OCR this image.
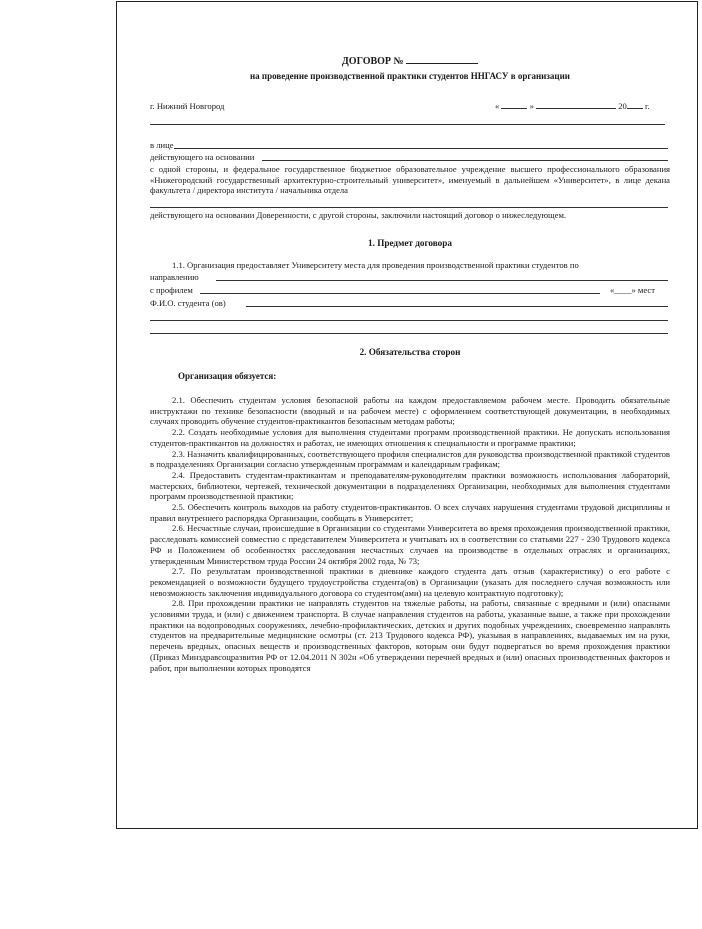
ДОГОВОР №
на проведение производственной практики студентов ННГАСУ в организации
г. Нижний Новгород	«	»	20 г.
в лице
действующего на основании
с одной стороны, и федеральное государственное бюджетное образовательное учреждение высшего профессионального образования «Нижегородский государственный архитектурно-строительный университет», именуемый в дальнейшем «Университет», в лице декана факультета / директора института / начальника отдела
действующего на основании Доверенности, с другой стороны, заключили настоящий договор о нижеследующем.
1. Предмет договора
1.1. Организация предоставляет Университету места для проведения производственной практики студентов по
направлению
с профилем	«____» мест
Ф.И.О. студента (ов)
2. Обязательства сторон
Организация обязуется:

2.1. Обеспечить студентам условия безопасной работы на каждом предоставляемом рабочем месте. Проводить обязательные инструктажи по технике безопасности (вводный и на рабочем месте) с оформлением соответствующей документации, в необходимых случаях проводить обучение студентов-практикантов безопасным методам работы;

2.2. Создать необходимые условия для выполнения студентами программ производственной практики. Не допускать использования студентов-практикантов на должностях и работах, не имеющих отношения к специальности и программе практики;

2.3. Назначить квалифицированных, соответствующего профиля специалистов для руководства производственной практикой студентов в подразделениях Организации согласно утвержденным программам и календарным графикам;

2.4. Предоставить студентам-практикантам и преподавателям-руководителям практики возможность использования лабораторий, мастерских, библиотеки, чертежей, технической документации в подразделениях Организации, необходимых для выполнения студентами программ производственной практики;

2.5. Обеспечить контроль выходов на работу студентов-практикантов. О всех случаях нарушения студентами трудовой дисциплины и правил внутреннего распорядка Организации, сообщать в Университет;

2.6. Несчастные случаи, происшедшие в Организации со студентами Университета во время прохождения производственной практики, расследовать комиссией совместно с представителем Университета и учитывать их в соответствии со статьями 227 - 230 Трудового кодекса РФ и Положением об особенностях расследования несчастных случаев на производстве в отдельных отраслях и организациях, утвержденным Министерством труда России 24 октября 2002 года, № 73;

2.7. По результатам производственной практики в дневнике каждого студента дать отзыв (характеристику) о его работе с рекомендацией о возможности будущего трудоустройства студента(ов) в Организации (указать для последнего случая возможность или невозможность заключения индивидуального договора со студентом(ами) на целевую контрактную подготовку);

2.8. При прохождении практики не направлять студентов на тяжелые работы, на работы, связанные с вредными и (или) опасными условиями труда, и (или) с движением транспорта. В случае направления студентов на работы, указанные выше, а также при прохождении практики на водопроводных сооружениях, лечебно-профилактических, детских и других подобных учреждениях, своевременно направлять студентов на предварительные медицинские осмотры (ст. 213 Трудового кодекса РФ), указывая в направлениях, выдаваемых им на руки, перечень вредных, опасных веществ и производственных факторов, которым они будут подвергаться во время прохождения практики (Приказ Минздравсоцразвития РФ от 12.04.2011 N 302н «Об утверждении перечней вредных и (или) опасных производственных факторов и работ, при выполнении которых проводятся
